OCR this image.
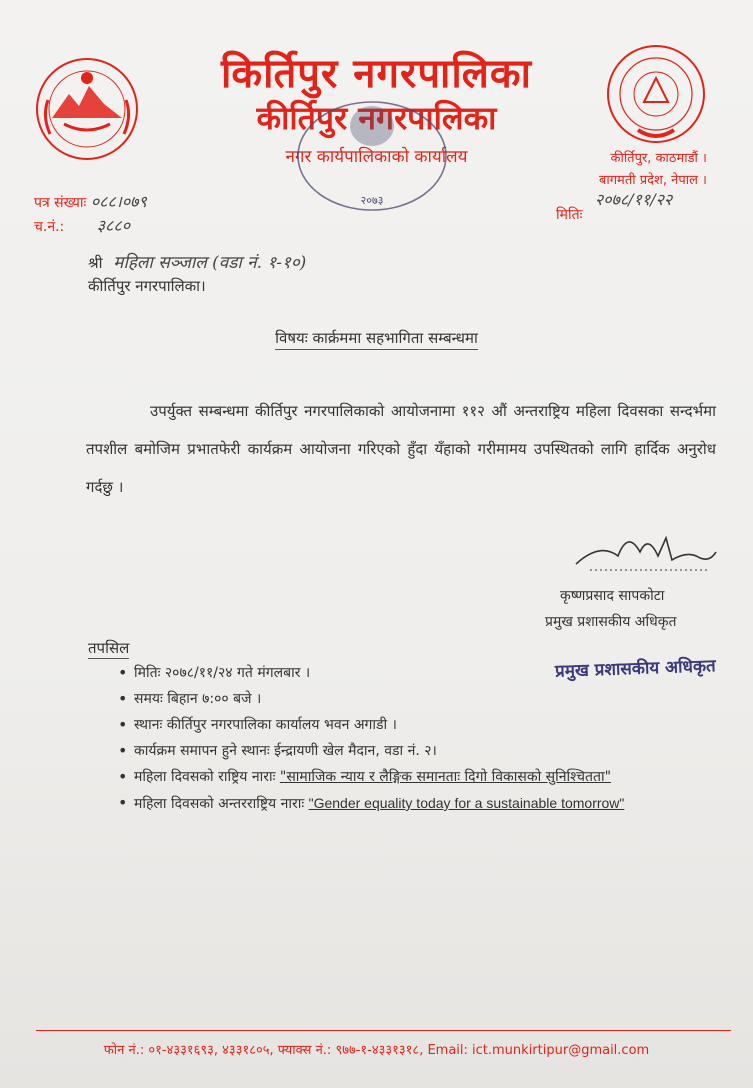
किर्तिपुर नगरपालिका
कीर्तिपुर नगरपालिका
नगर कार्यपालिकाको कार्यालय
२०७३
कीर्तिपुर, काठमाडौं ।
बागमती प्रदेश, नेपाल ।
पत्र संख्याः ०८८।०७९
च.नं.: ३८८०
मितिः २०७८/११/२२
श्री महिला सञ्जाल (वडा नं. १-१०)
कीर्तिपुर नगरपालिका।
विषयः कार्क्रममा सहभागिता सम्बन्धमा
उपर्युक्त सम्बन्धमा कीर्तिपुर नगरपालिकाको आयोजनामा ११२ औं अन्तराष्ट्रिय महिला दिवसका सन्दर्भमा तपशील बमोजिम प्रभातफेरी कार्यक्रम आयोजना गरिएको हुँदा यँहाको गरीमामय उपस्थितको लागि हार्दिक अनुरोध गर्दछु ।
कृष्णप्रसाद सापकोटा
प्रमुख प्रशासकीय अधिकृत
प्रमुख प्रशासकीय अधिकृत
तपसिल
• मितिः २०७८/११/२४ गते मंगलबार ।
• समयः बिहान ७:०० बजे ।
• स्थानः कीर्तिपुर नगरपालिका कार्यालय भवन अगाडी ।
• कार्यक्रम समापन हुने स्थानः ईन्द्रायणी खेल मैदान, वडा नं. २।
• महिला दिवसको राष्ट्रिय नाराः "सामाजिक न्याय र लैङ्गिक समानताः दिगो विकासको सुनिश्चितता"
• महिला दिवसको अन्तरराष्ट्रिय नाराः "Gender equality today for a sustainable tomorrow"
फोन नं.: ०१-४३३१६९३, ४३३१८०५, फ्याक्स नं.: ९७७-१-४३३१३१८, Email: ict.munkirtipur@gmail.com
